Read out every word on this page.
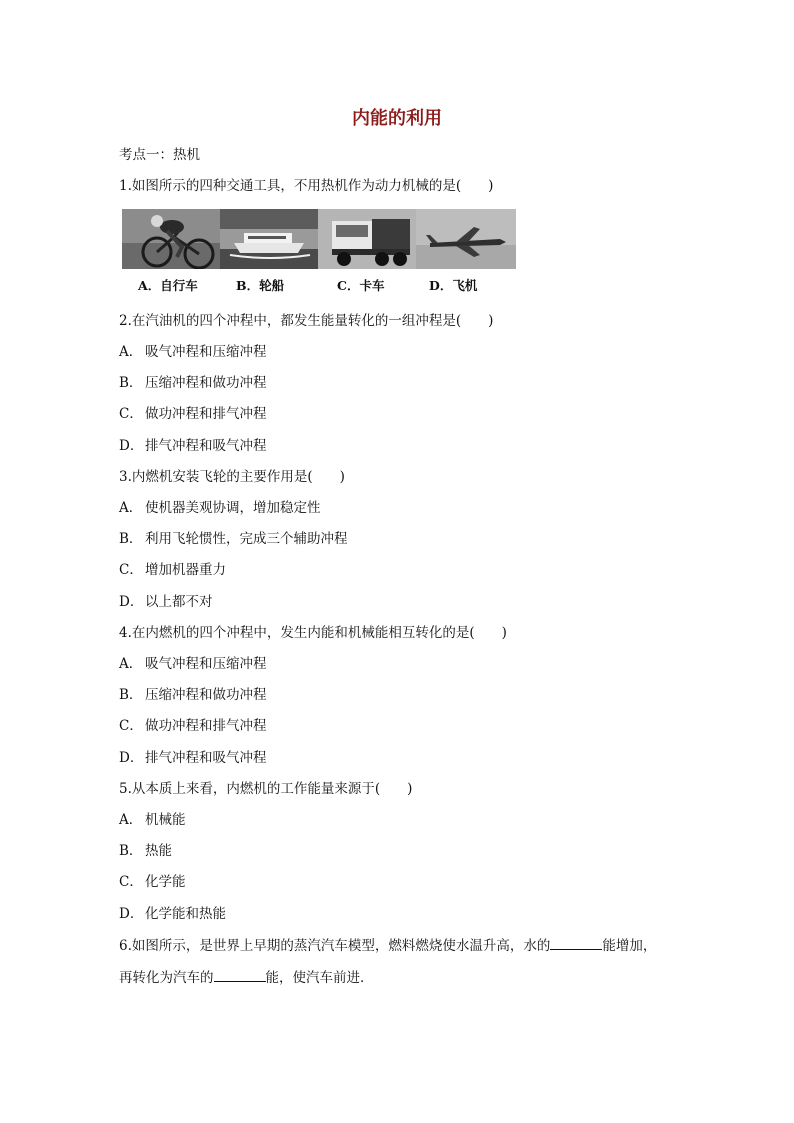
内能的利用
考点一：热机
1.如图所示的四种交通工具，不用热机作为动力机械的是(　　)
A．自行车	B．轮船	C．卡车	D．飞机
2.在汽油机的四个冲程中，都发生能量转化的一组冲程是(　　)
A． 吸气冲程和压缩冲程
B． 压缩冲程和做功冲程
C． 做功冲程和排气冲程
D． 排气冲程和吸气冲程
3.内燃机安装飞轮的主要作用是(　　)
A． 使机器美观协调，增加稳定性
B． 利用飞轮惯性，完成三个辅助冲程
C． 增加机器重力
D． 以上都不对
4.在内燃机的四个冲程中，发生内能和机械能相互转化的是(　　)
A． 吸气冲程和压缩冲程
B． 压缩冲程和做功冲程
C． 做功冲程和排气冲程
D． 排气冲程和吸气冲程
5.从本质上来看，内燃机的工作能量来源于(　　)
A． 机械能
B． 热能
C． 化学能
D． 化学能和热能
6.如图所示，是世界上早期的蒸汽汽车模型，燃料燃烧使水温升高，水的	能增加，
再转化为汽车的	能，使汽车前进．
